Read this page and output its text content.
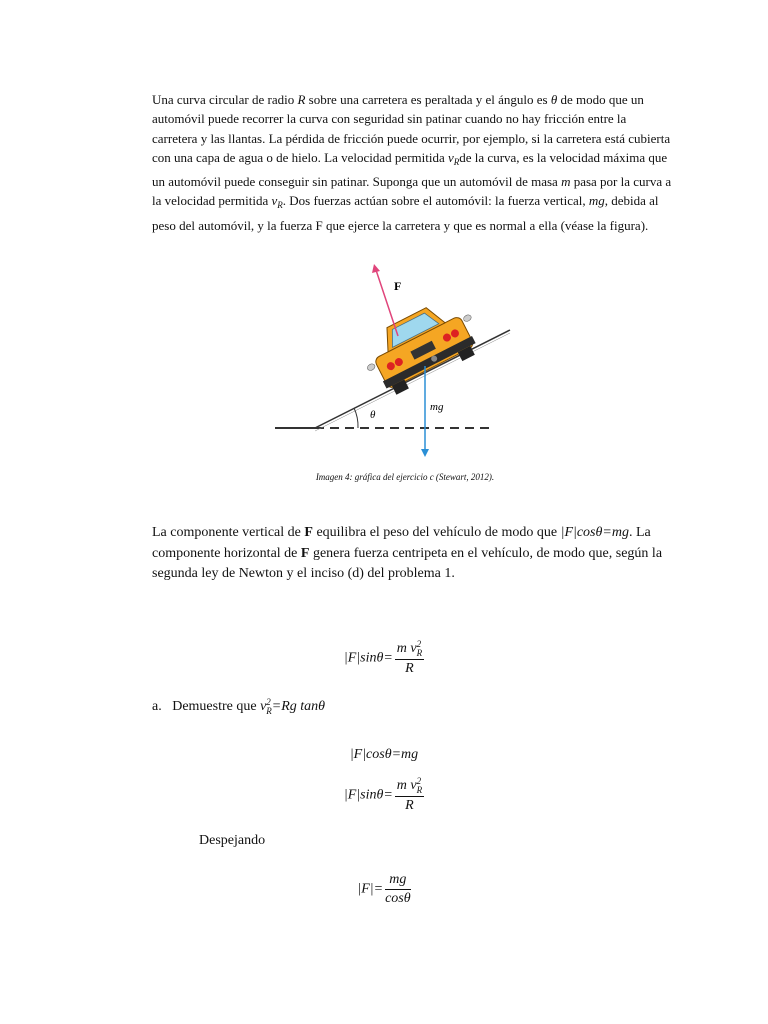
Una curva circular de radio R sobre una carretera es peraltada y el ángulo es θ de modo que un automóvil puede recorrer la curva con seguridad sin patinar cuando no hay fricción entre la carretera y las llantas. La pérdida de fricción puede ocurrir, por ejemplo, si la carretera está cubierta con una capa de agua o de hielo. La velocidad permitida $v_Rde$ la curva, es la velocidad máxima que un automóvil puede conseguir sin patinar. Suponga que un automóvil de masa m pasa por la curva a la velocidad permitida $v_R$. Dos fuerzas actúan sobre el automóvil: la fuerza vertical, mg, debida al peso del automóvil, y la fuerza F que ejerce la carretera y que es normal a ella (véase la figura).

θ
F
mg
Imagen 4: gráfica del ejercicio c (Stewart, 2012).

La componente vertical de F equilibra el peso del vehículo de modo que |F|cosθ=mg. La componente horizontal de F genera fuerza centripeta en el vehículo, de modo que, según la segunda ley de Newton y el inciso (d) del problema 1.

|F|sinθ= m v 2
R
R
a. Demuestre que v 2
R =Rg tanθ
|F|cosθ=mg
|F|sinθ= m v 2
R
R
Despejando
$|F|= \frac{mg}{\cos\theta}$
